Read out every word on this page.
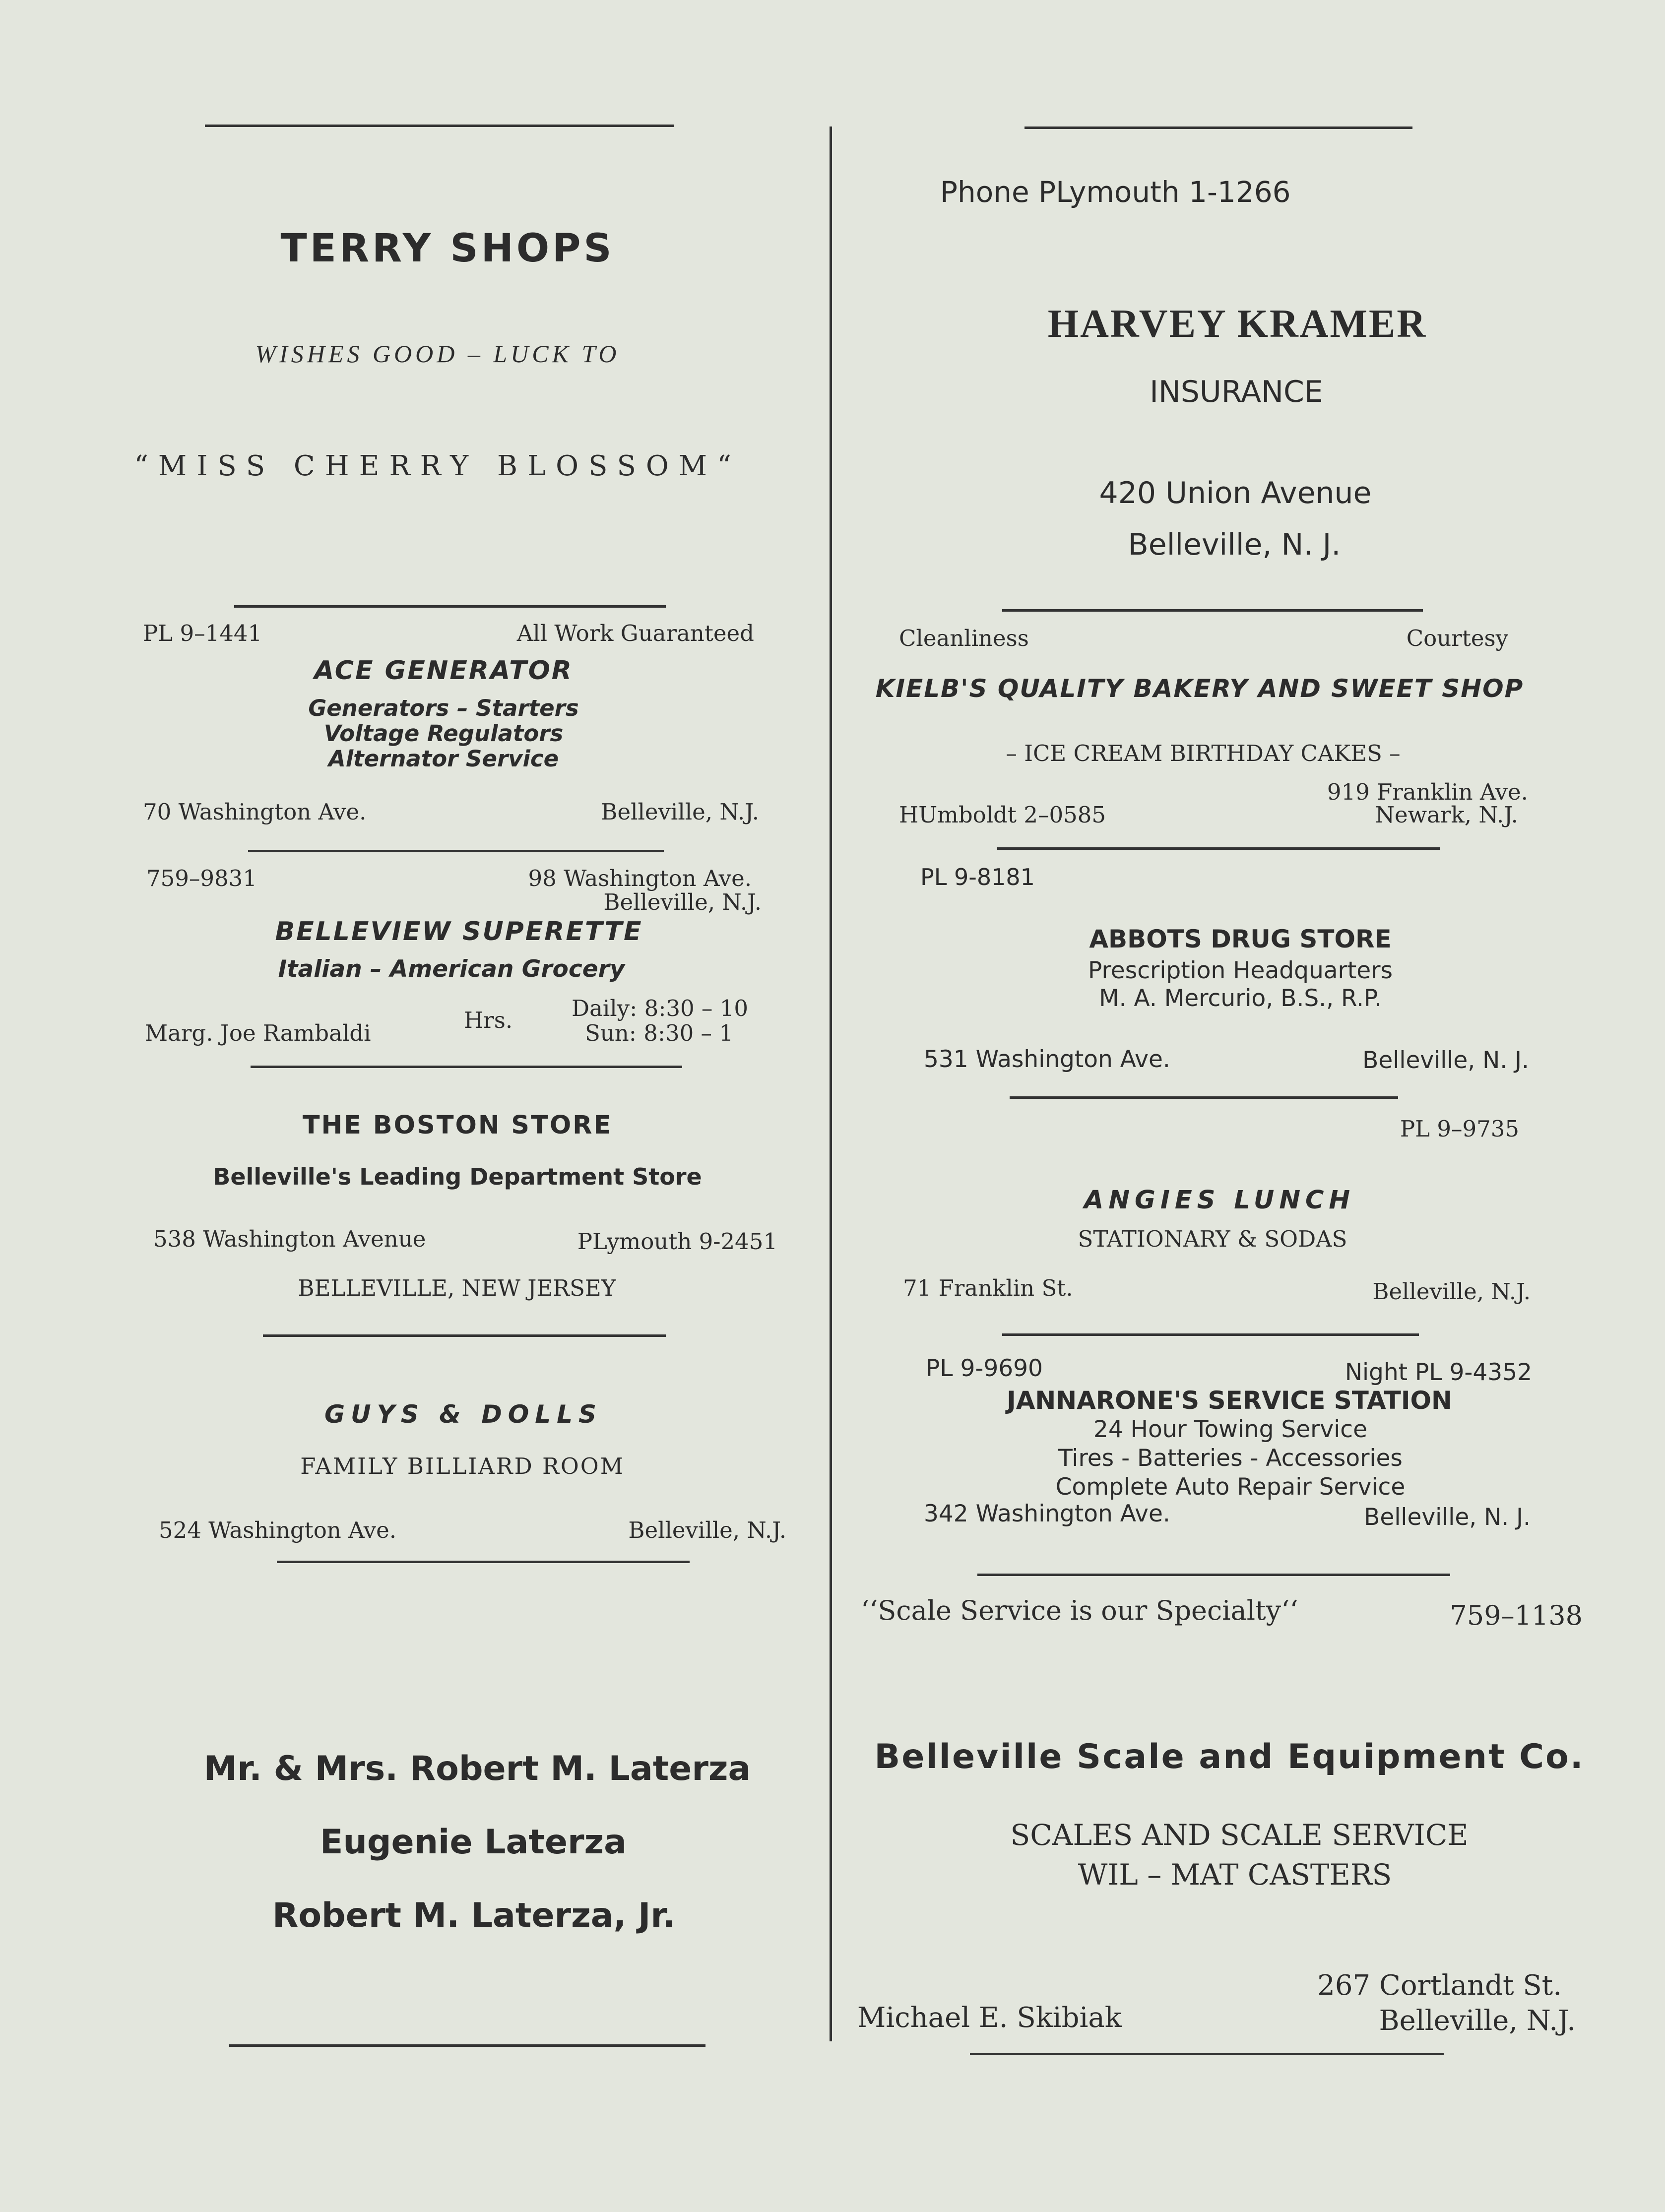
TERRY SHOPS
WISHES GOOD – LUCK TO
“MISS CHERRY BLOSSOM“
PL 9–1441	All Work Guaranteed
ACE GENERATOR
Generators – Starters
Voltage Regulators
Alternator Service
70 Washington Ave.	Belleville, N.J.
759–9831	98 Washington Ave.
Belleville, N.J.
BELLEVIEW SUPERETTE
Italian – American Grocery
Marg. Joe Rambaldi	Hrs.	Daily: 8:30 – 10
Sun: 8:30 – 1
THE BOSTON STORE
Belleville's Leading Department Store
538 Washington Avenue	PLymouth 9-2451
BELLEVILLE, NEW JERSEY
GUYS & DOLLS
FAMILY BILLIARD ROOM
524 Washington Ave.	Belleville, N.J.
Mr. & Mrs. Robert M. Laterza
Eugenie Laterza
Robert M. Laterza, Jr.
Phone PLymouth 1-1266
HARVEY KRAMER
INSURANCE
420 Union Avenue
Belleville, N. J.
Cleanliness	Courtesy
KIELB'S QUALITY BAKERY AND SWEET SHOP
– ICE CREAM BIRTHDAY CAKES –
919 Franklin Ave.
HUmboldt 2–0585	Newark, N.J.
PL 9-8181
ABBOTS DRUG STORE
Prescription Headquarters
M. A. Mercurio, B.S., R.P.
531 Washington Ave.	Belleville, N. J.
PL 9–9735
ANGIES LUNCH
STATIONARY & SODAS
71 Franklin St.	Belleville, N.J.
PL 9-9690	Night PL 9-4352
JANNARONE'S SERVICE STATION
24 Hour Towing Service
Tires - Batteries - Accessories
Complete Auto Repair Service
342 Washington Ave.	Belleville, N. J.
‘‘Scale Service is our Specialty‘‘	759–1138
Belleville Scale and Equipment Co.
SCALES AND SCALE SERVICE
WIL – MAT CASTERS
267 Cortlandt St.
Michael E. Skibiak	Belleville, N.J.
